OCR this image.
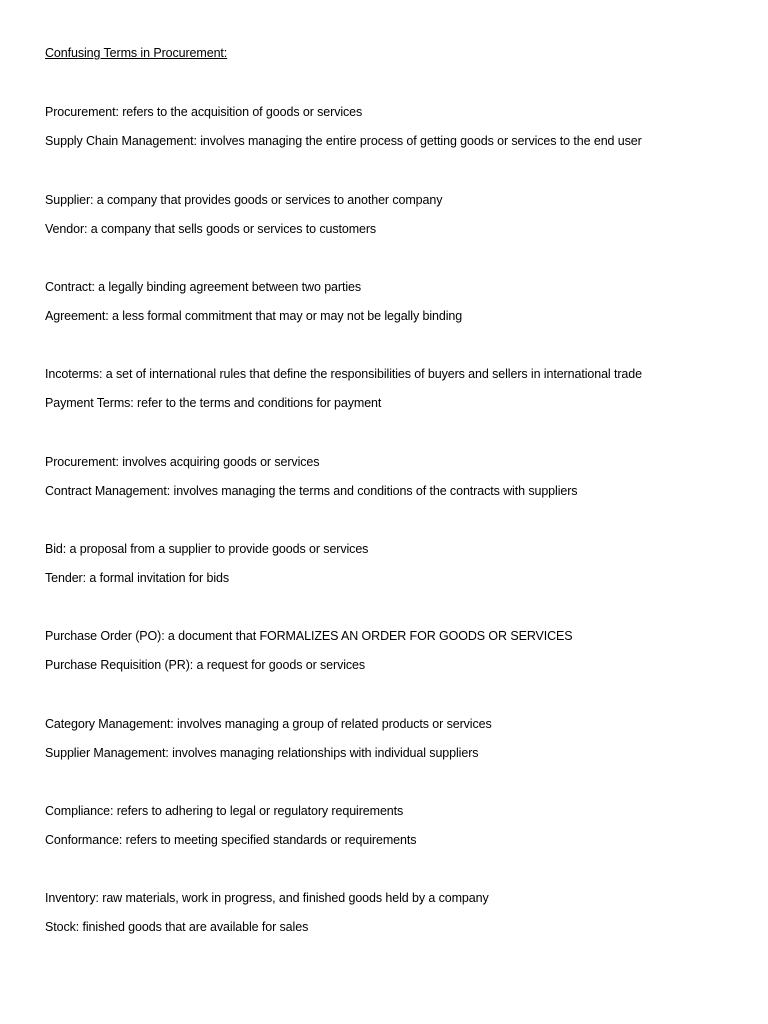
Confusing Terms in Procurement:
Procurement: refers to the acquisition of goods or services
Supply Chain Management: involves managing the entire process of getting goods or services to the end user
Supplier: a company that provides goods or services to another company
Vendor: a company that sells goods or services to customers
Contract: a legally binding agreement between two parties
Agreement: a less formal commitment that may or may not be legally binding
Incoterms: a set of international rules that define the responsibilities of buyers and sellers in international trade
Payment Terms: refer to the terms and conditions for payment
Procurement: involves acquiring goods or services
Contract Management: involves managing the terms and conditions of the contracts with suppliers
Bid: a proposal from a supplier to provide goods or services
Tender: a formal invitation for bids
Purchase Order (PO): a document that FORMALIZES AN ORDER FOR GOODS OR SERVICES
Purchase Requisition (PR): a request for goods or services
Category Management: involves managing a group of related products or services
Supplier Management: involves managing relationships with individual suppliers
Compliance: refers to adhering to legal or regulatory requirements
Conformance: refers to meeting specified standards or requirements
Inventory: raw materials, work in progress, and finished goods held by a company
Stock: finished goods that are available for sales
